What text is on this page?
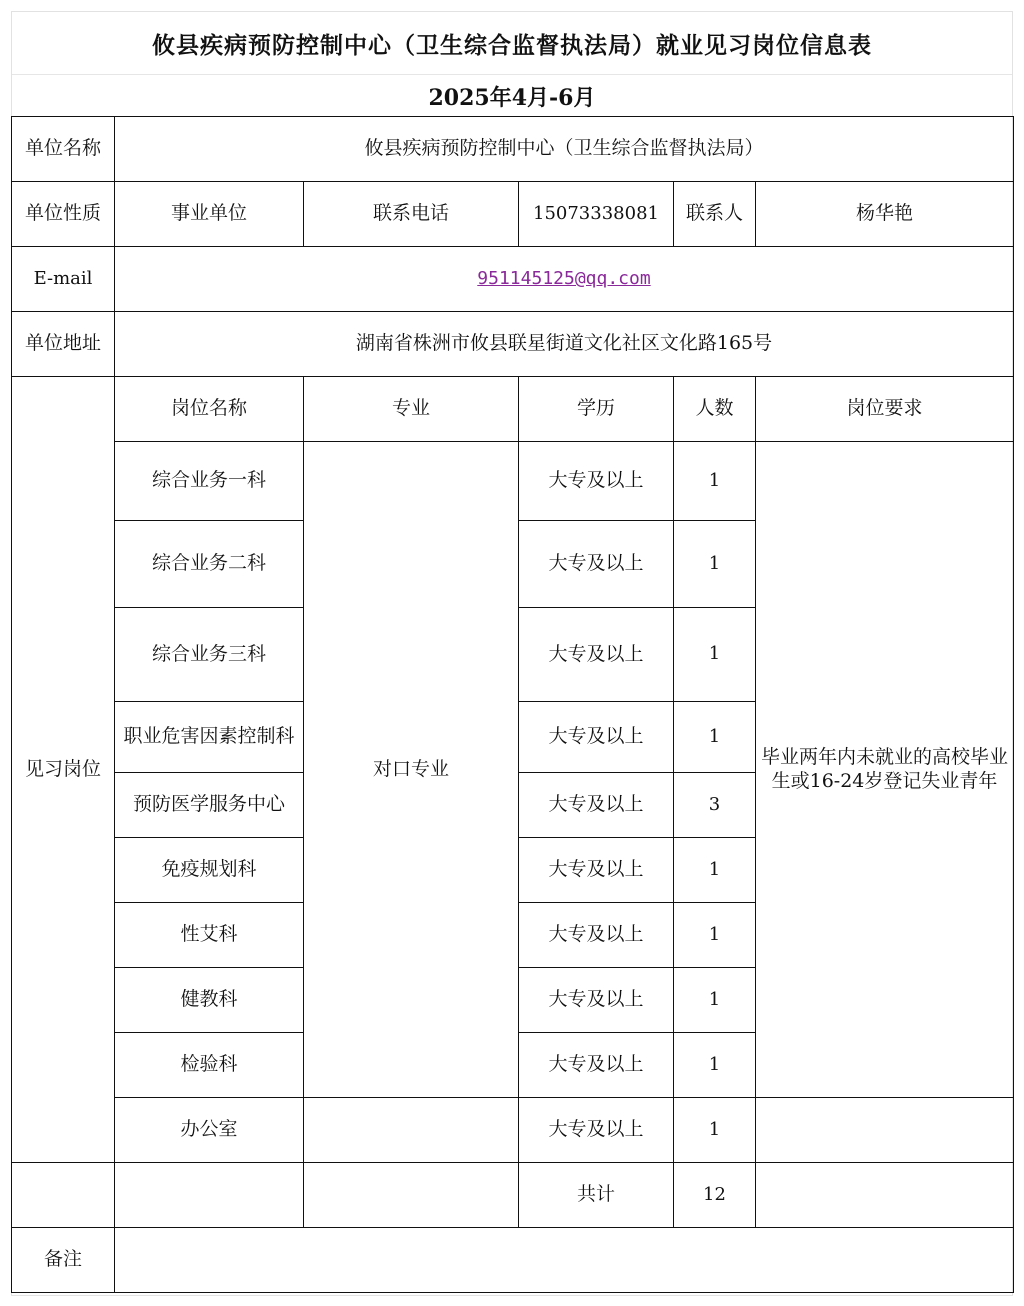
攸县疾病预防控制中心（卫生综合监督执法局）就业见习岗位信息表
2025年4月-6月
单位名称	攸县疾病预防控制中心（卫生综合监督执法局）				
单位性质	事业单位	联系电话	15073338081	联系人	杨华艳
E-mail	951145125@qq.com				
单位地址	湖南省株洲市攸县联星街道文化社区文化路165号				
见习岗位	岗位名称	专业	学历	人数	岗位要求
	综合业务一科	对口专业	大专及以上	1	毕业两年内未就业的高校毕业生或16-24岁登记失业青年
	综合业务二科		大专及以上	1	
	综合业务三科		大专及以上	1	
	职业危害因素控制科		大专及以上	1	
	预防医学服务中心		大专及以上	3	
	免疫规划科		大专及以上	1	
	性艾科		大专及以上	1	
	健教科		大专及以上	1	
	检验科		大专及以上	1	
	办公室		大专及以上	1	
			共计	12	
备注					
